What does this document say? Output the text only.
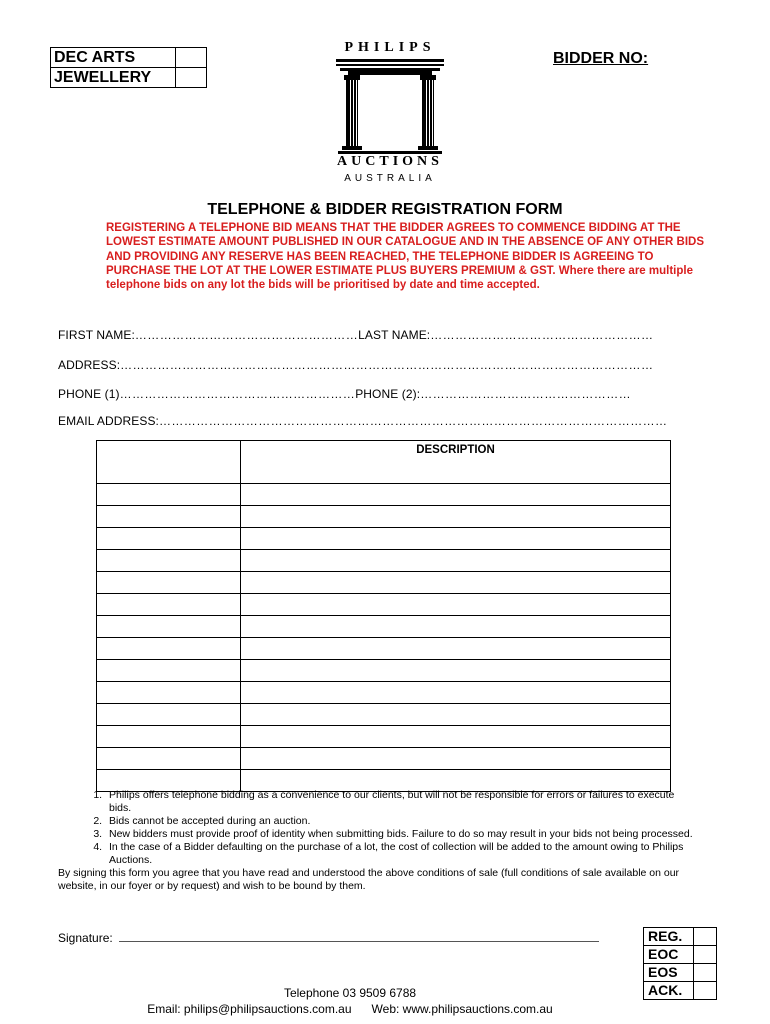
DEC ARTS	
JEWELLERY	
PHILIPS
AUCTIONS
AUSTRALIA
BIDDER NO:
TELEPHONE & BIDDER REGISTRATION FORM
REGISTERING A TELEPHONE BID MEANS THAT THE BIDDER AGREES TO COMMENCE BIDDING AT THE LOWEST ESTIMATE AMOUNT PUBLISHED IN OUR CATALOGUE AND IN THE ABSENCE OF ANY OTHER BIDS AND PROVIDING ANY RESERVE HAS BEEN REACHED, THE TELEPHONE BIDDER IS AGREEING TO PURCHASE THE LOT AT THE LOWER ESTIMATE PLUS BUYERS PREMIUM & GST. Where there are multiple telephone bids on any lot the bids will be prioritised by date and time accepted.
FIRST NAME:………………………………………………LAST NAME:………………………………………………
ADDRESS:…………………………………………………………………………………………………………………
PHONE (1)…………………………………………………PHONE (2):……………………………………………
EMAIL ADDRESS:……………………………………………………………………………………………………………

	DESCRIPTION

1. Philips offers telephone bidding as a convenience to our clients, but will not be responsible for errors or failures to execute bids.
2. Bids cannot be accepted during an auction.
3. New bidders must provide proof of identity when submitting bids. Failure to do so may result in your bids not being processed.
4. In the case of a Bidder defaulting on the purchase of a lot, the cost of collection will be added to the amount owing to Philips Auctions.
By signing this form you agree that you have read and understood the above conditions of sale (full conditions of sale available on our website, in our foyer or by request) and wish to be bound by them.
Signature:
Telephone 03 9509 6788
Email: philips@philipsauctions.com.au Web: www.philipsauctions.com.au
REG.	
EOC	
EOS	
ACK.	
